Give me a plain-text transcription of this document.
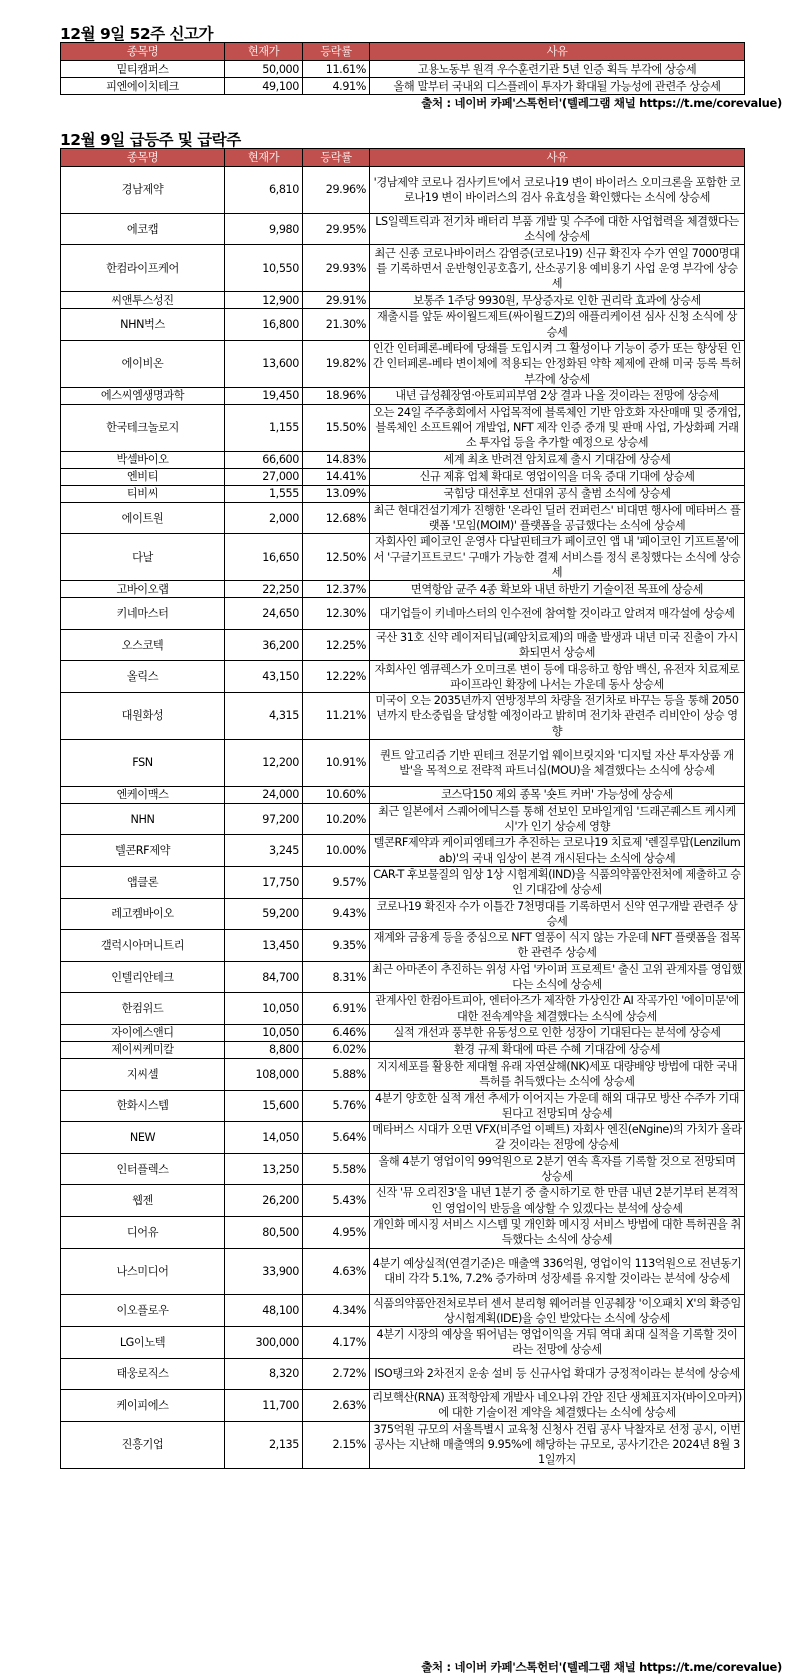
12월 9일 52주 신고가
종목명	현재가	등락률	사유
밑티캠퍼스	50,000	11.61%	고용노동부 원격 우수훈련기관 5년 인증 획득 부각에 상승세
피엔에이치테크	49,100	4.91%	올해 말부터 국내외 디스플레이 투자가 확대될 가능성에 관련주 상승세
출처 : 네이버 카페'스톡헌터'(텔레그램 채널 https://t.me/corevalue)
12월 9일 급등주 및 급락주
종목명	현재가	등락률	사유
경남제약	6,810	29.96%	'경남제약 코로나 검사키트'에서 코로나19 변이 바이러스 오미크론을 포함한 코로나19 변이 바이러스의 검사 유효성을 확인했다는 소식에 상승세
에코캡	9,980	29.95%	LS일렉트릭과 전기차 배터리 부품 개발 및 수주에 대한 사업협력을 체결했다는 소식에 상승세
한컴라이프케어	10,550	29.93%	최근 신종 코로나바이러스 감염증(코로나19) 신규 확진자 수가 연일 7000명대를 기록하면서 운반형인공호흡기, 산소공기용 예비용기 사업 운영 부각에 상승세
씨앤투스성진	12,900	29.91%	보통주 1주당 9930원, 무상증자로 인한 권리락 효과에 상승세
NHN벅스	16,800	21.30%	재출시를 앞둔 싸이월드제트(싸이월드Z)의 애플리케이션 심사 신청 소식에 상승세
에이비온	13,600	19.82%	인간 인터페론-베타에 당쇄를 도입시켜 그 활성이나 기능이 증가 또는 향상된 인간 인터페론-베타 변이체에 적용되는 안정화된 약학 제제에 관해 미국 등록 특허 부각에 상승세
에스씨엠생명과학	19,450	18.96%	내년 급성췌장염·아토피피부염 2상 결과 나올 것이라는 전망에 상승세
한국테크놀로지	1,155	15.50%	오는 24일 주주총회에서 사업목적에 블록체인 기반 암호화 자산매매 및 중개업, 블록체인 소프트웨어 개발업, NFT 제작 인증 중개 및 판매 사업, 가상화폐 거래소 투자업 등을 추가할 예정으로 상승세
박셀바이오	66,600	14.83%	세계 최초 반려견 암치료제 출시 기대감에 상승세
엔비티	27,000	14.41%	신규 제휴 업체 확대로 영업이익을 더욱 증대 기대에 상승세
티비씨	1,555	13.09%	국힘당 대선후보 선대위 공식 출범 소식에 상승세
에이트원	2,000	12.68%	최근 현대건설기계가 진행한 '온라인 딜러 컨퍼런스' 비대면 행사에 메타버스 플랫폼 '모임(MOIM)' 플랫폼을 공급했다는 소식에 상승세
다날	16,650	12.50%	자회사인 페이코인 운영사 다날핀테크가 페이코인 앱 내 '페이코인 기프트몰'에서 '구글기프트코드' 구매가 가능한 결제 서비스를 정식 론칭했다는 소식에 상승세
고바이오랩	22,250	12.37%	면역항암 균주 4종 확보와 내년 하반기 기술이전 목표에 상승세
키네마스터	24,650	12.30%	대기업들이 키네마스터의 인수전에 참여할 것이라고 알려져 매각설에 상승세
오스코텍	36,200	12.25%	국산 31호 신약 레이저티닙(폐암치료제)의 매출 발생과 내년 미국 진출이 가시화되면서 상승세
올릭스	43,150	12.22%	자회사인 엠큐렉스가 오미크론 변이 등에 대응하고 항암 백신, 유전자 치료제로 파이프라인 확장에 나서는 가운데 동사 상승세
대원화성	4,315	11.21%	미국이 오는 2035년까지 연방정부의 차량을 전기차로 바꾸는 등을 통해 2050년까지 탄소중립을 달성할 예정이라고 밝히며 전기차 관련주 리비안이 상승 영향
FSN	12,200	10.91%	퀀트 알고리즘 기반 핀테크 전문기업 웨이브릿지와 '디지털 자산 투자상품 개발'을 목적으로 전략적 파트너십(MOU)을 체결했다는 소식에 상승세
엔케이맥스	24,000	10.60%	코스닥150 제외 종목 '숏트 커버' 가능성에 상승세
NHN	97,200	10.20%	최근 일본에서 스퀘어에닉스를 통해 선보인 모바일게임 '드래곤퀘스트 케시케시'가 인기 상승세 영향
텔콘RF제약	3,245	10.00%	텔콘RF제약과 케이피엠테크가 추진하는 코로나19 치료제 '렌질루맙(Lenzilumab)'의 국내 임상이 본격 개시된다는 소식에 상승세
앱클론	17,750	9.57%	CAR-T 후보물질의 임상 1상 시험계획(IND)을 식품의약품안전처에 제출하고 승인 기대감에 상승세
레고켐바이오	59,200	9.43%	코로나19 확진자 수가 이틀간 7천명대를 기록하면서 신약 연구개발 관련주 상승세
갤럭시아머니트리	13,450	9.35%	재계와 금융계 등을 중심으로 NFT 열풍이 식지 않는 가운데 NFT 플랫폼을 접목한 관련주 상승세
인텔리안테크	84,700	8.31%	최근 아마존이 추진하는 위성 사업 '카이퍼 프로젝트' 출신 고위 관계자를 영입했다는 소식에 상승세
한컴위드	10,050	6.91%	관계사인 한컴아트피아, 엔터아즈가 제작한 가상인간 AI 작곡가인 '에이미문'에 대한 전속계약을 체결했다는 소식에 상승세
자이에스앤디	10,050	6.46%	실적 개선과 풍부한 유동성으로 인한 성장이 기대된다는 분석에 상승세
제이씨케미칼	8,800	6.02%	환경 규제 확대에 따른 수혜 기대감에 상승세
지씨셀	108,000	5.88%	지지세포를 활용한 제대혈 유래 자연살해(NK)세포 대량배양 방법에 대한 국내 특허를 취득했다는 소식에 상승세
한화시스템	15,600	5.76%	4분기 양호한 실적 개선 추세가 이어지는 가운데 해외 대규모 방산 수주가 기대된다고 전망되며 상승세
NEW	14,050	5.64%	메타버스 시대가 오면 VFX(비주얼 이펙트) 자회사 엔진(eNgine)의 가치가 올라갈 것이라는 전망에 상승세
인터플렉스	13,250	5.58%	올해 4분기 영업이익 99억원으로 2분기 연속 흑자를 기록할 것으로 전망되며 상승세
웹젠	26,200	5.43%	신작 '뮤 오리진3'을 내년 1분기 중 출시하기로 한 만큼 내년 2분기부터 본격적인 영업이익 반등을 예상할 수 있겠다는 분석에 상승세
디어유	80,500	4.95%	개인화 메시징 서비스 시스템 및 개인화 메시징 서비스 방법에 대한 특허권을 취득했다는 소식에 상승세
나스미디어	33,900	4.63%	4분기 예상실적(연결기준)은 매출액 336억원, 영업이익 113억원으로 전년동기 대비 각각 5.1%, 7.2% 증가하며 성장세를 유지할 것이라는 분석에 상승세
이오플로우	48,100	4.34%	식품의약품안전처로부터 센서 분리형 웨어러블 인공췌장 '이오패치 X'의 확증임상시험계획(IDE)을 승인 받았다는 소식에 상승세
LG이노텍	300,000	4.17%	4분기 시장의 예상을 뛰어넘는 영업이익을 거둬 역대 최대 실적을 기록할 것이라는 전망에 상승세
태웅로직스	8,320	2.72%	ISO탱크와 2차전지 운송 설비 등 신규사업 확대가 긍정적이라는 분석에 상승세
케이피에스	11,700	2.63%	리보핵산(RNA) 표적항암제 개발사 네오나위 간암 진단 생체표지자(바이오마커)에 대한 기술이전 계약을 체결했다는 소식에 상승세
진흥기업	2,135	2.15%	375억원 규모의 서울특별시 교육청 신청사 건립 공사 낙찰자로 선정 공시, 이번 공사는 지난해 매출액의 9.95%에 해당하는 규모로, 공사기간은 2024년 8월 31일까지
출처 : 네이버 카페'스톡헌터'(텔레그램 채널 https://t.me/corevalue)
